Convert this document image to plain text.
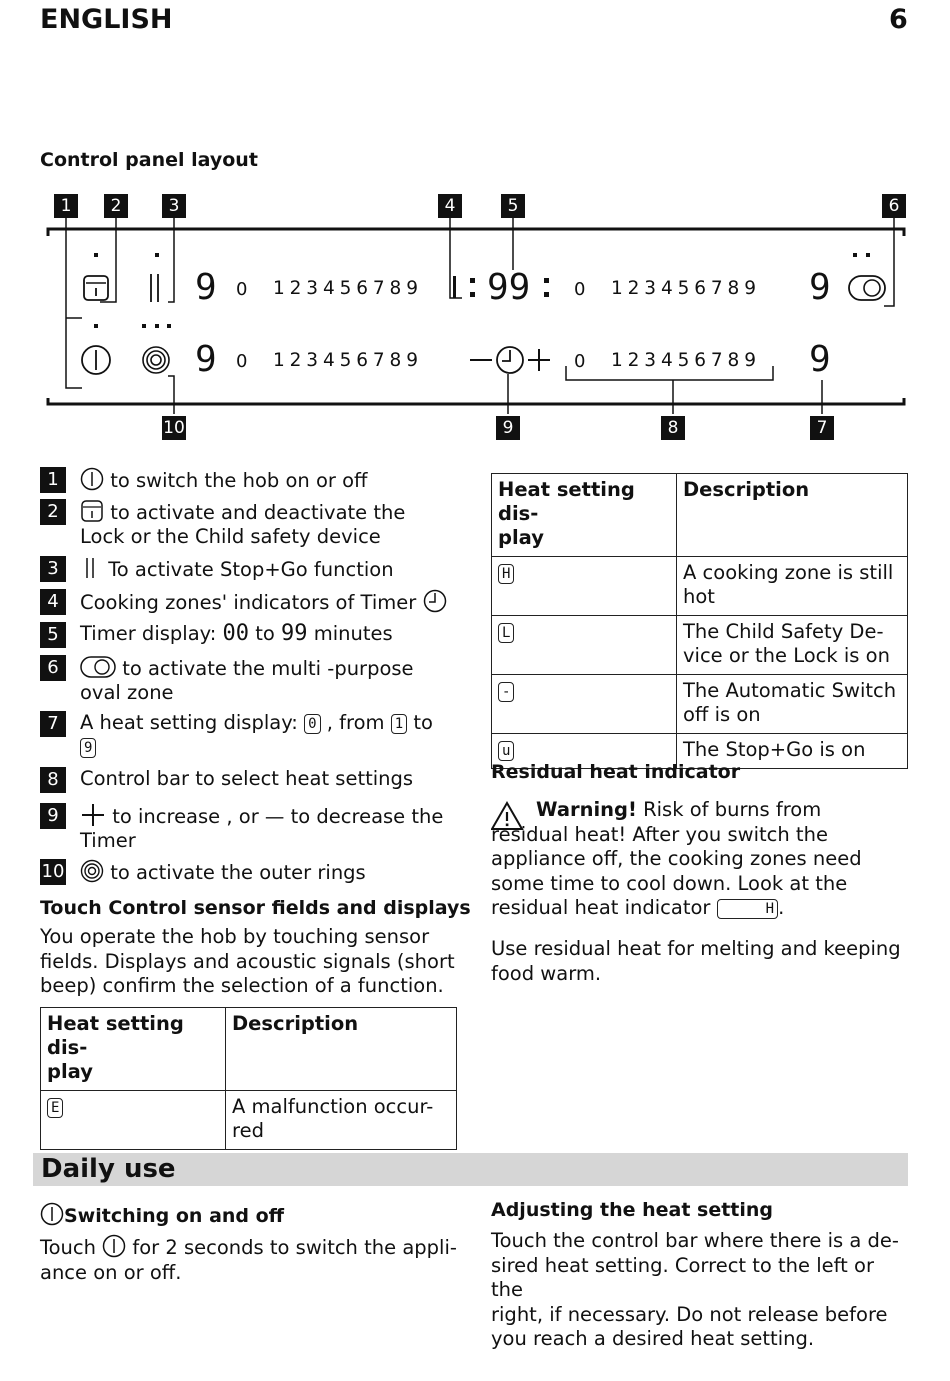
ENGLISH	6
Control panel layout
1	2	3	4	5	6
9 0 1 2 3 4 5 6 7 8 9
9 0 1 2 3 4 5 6 7 8 9
99 0 1 2 3 4 5 6 7 8 9 9
0 1 2 3 4 5 6 7 8 9 9
10	9	8	7
1	to switch the hob on or off
2	to activate and deactivate the Lock or the Child safety device
3	To activate Stop+Go function
4	Cooking zones' indicators of Timer
5	Timer display: 00 to 99 minutes
6	to activate the multi -purpose oval zone
7	A heat setting display: 0 , from 1 to 9
8	Control bar to select heat settings
9	to increase , or — to decrease the Timer
10	to activate the outer rings
Touch Control sensor fields and displays
You operate the hob by touching sensor fields. Displays and acoustic signals (short beep) confirm the selection of a function.
Heat setting dis-
play	Description
E	A malfunction occur-
red
Heat setting dis-
play	Description
H	A cooking zone is still
hot
L	The Child Safety De-
vice or the Lock is on
-	The Automatic Switch
off is on
u	The Stop+Go is on
Residual heat indicator
Warning! Risk of burns from residual heat! After you switch the appliance off, the cooking zones need some time to cool down. Look at the residual heat indicator	H .
Use residual heat for melting and keeping food warm.
Daily use
Switching on and off
Touch for 2 seconds to switch the appli-
ance on or off.
Adjusting the heat setting
Touch the control bar where there is a de-
sired heat setting. Correct to the left or the
right, if necessary. Do not release before
you reach a desired heat setting.
